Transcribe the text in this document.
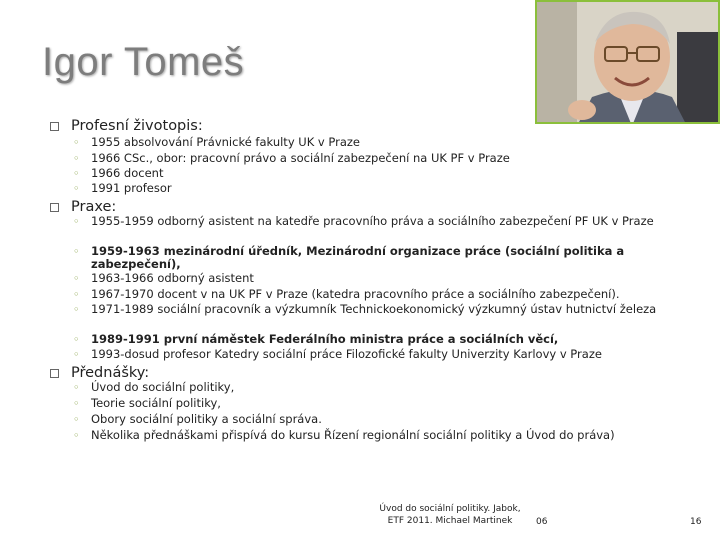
Igor Tomeš
Profesní životopis:
◦ 1955 absolvování Právnické fakulty UK v Praze
◦ 1966 CSc., obor: pracovní právo a sociální zabezpečení na UK PF v Praze
◦ 1966 docent
◦ 1991 profesor
Praxe:
◦ 1955-1959 odborný asistent na katedře pracovního práva a sociálního zabezpečení PF UK v Praze
◦ 1959-1963 mezinárodní úředník, Mezinárodní organizace práce (sociální politika a zabezpečení),
◦ 1963-1966 odborný asistent
◦ 1967-1970 docent v na UK PF v Praze (katedra pracovního práce a sociálního zabezpečení).
◦ 1971-1989 sociální pracovník a výzkumník Technickoekonomický výzkumný ústav hutnictví železa
◦ 1989-1991 první náměstek Federálního ministra práce a sociálních věcí,
◦ 1993-dosud profesor Katedry sociální práce Filozofické fakulty Univerzity Karlovy v Praze
Přednášky:
◦ Úvod do sociální politiky,
◦ Teorie sociální politiky,
◦ Obory sociální politiky a sociální správa.
◦ Několika přednáškami přispívá do kursu Řízení regionální sociální politiky a Úvod do práva)
Úvod do sociální politiky. Jabok,
ETF 2011. Michael Martinek	06	16
